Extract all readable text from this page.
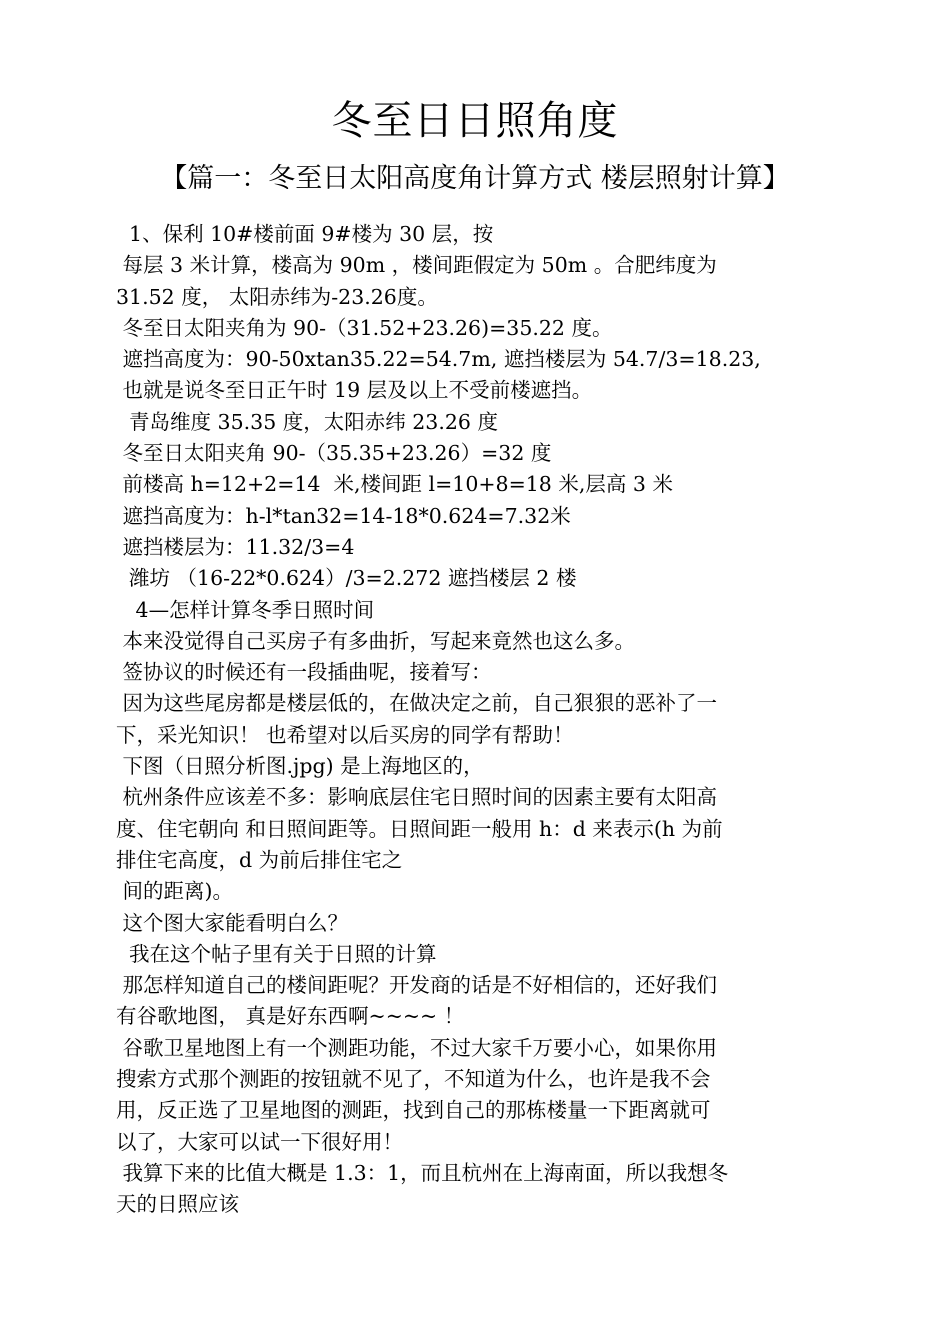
冬至日日照角度
【篇一：冬至日太阳高度角计算方式 楼层照射计算】
1、保利 10#楼前面 9#楼为 30 层，按
每层 3 米计算，楼高为 90m ，楼间距假定为 50m 。合肥纬度为
31.52 度， 太阳赤纬为-23.26度。
冬至日太阳夹角为 90-（31.52+23.26)=35.22 度。
遮挡高度为：90-50xtan35.22=54.7m, 遮挡楼层为 54.7/3=18.23,
也就是说冬至日正午时 19 层及以上不受前楼遮挡。
青岛维度 35.35 度，太阳赤纬 23.26 度
冬至日太阳夹角 90-（35.35+23.26）=32 度
前楼高 h=12+2=14  米,楼间距 l=10+8=18 米,层高 3 米
遮挡高度为：h-l*tan32=14-18*0.624=7.32米
遮挡楼层为：11.32/3=4
潍坊 （16-22*0.624）/3=2.272 遮挡楼层 2 楼
4—怎样计算冬季日照时间
本来没觉得自己买房子有多曲折，写起来竟然也这么多。
签协议的时候还有一段插曲呢，接着写：
因为这些尾房都是楼层低的，在做决定之前，自己狠狠的恶补了一
下，采光知识！ 也希望对以后买房的同学有帮助！
下图（日照分析图.jpg) 是上海地区的，
杭州条件应该差不多：影响底层住宅日照时间的因素主要有太阳高
度、住宅朝向 和日照间距等。日照间距一般用 h：d 来表示(h 为前
排住宅高度，d 为前后排住宅之
间的距离)。
这个图大家能看明白么？
我在这个帖子里有关于日照的计算
那怎样知道自己的楼间距呢？开发商的话是不好相信的，还好我们
有谷歌地图， 真是好东西啊~~~~ ！
谷歌卫星地图上有一个测距功能，不过大家千万要小心，如果你用
搜索方式那个测距的按钮就不见了，不知道为什么，也许是我不会
用，反正选了卫星地图的测距，找到自己的那栋楼量一下距离就可
以了，大家可以试一下很好用！
我算下来的比值大概是 1.3：1，而且杭州在上海南面，所以我想冬
天的日照应该
